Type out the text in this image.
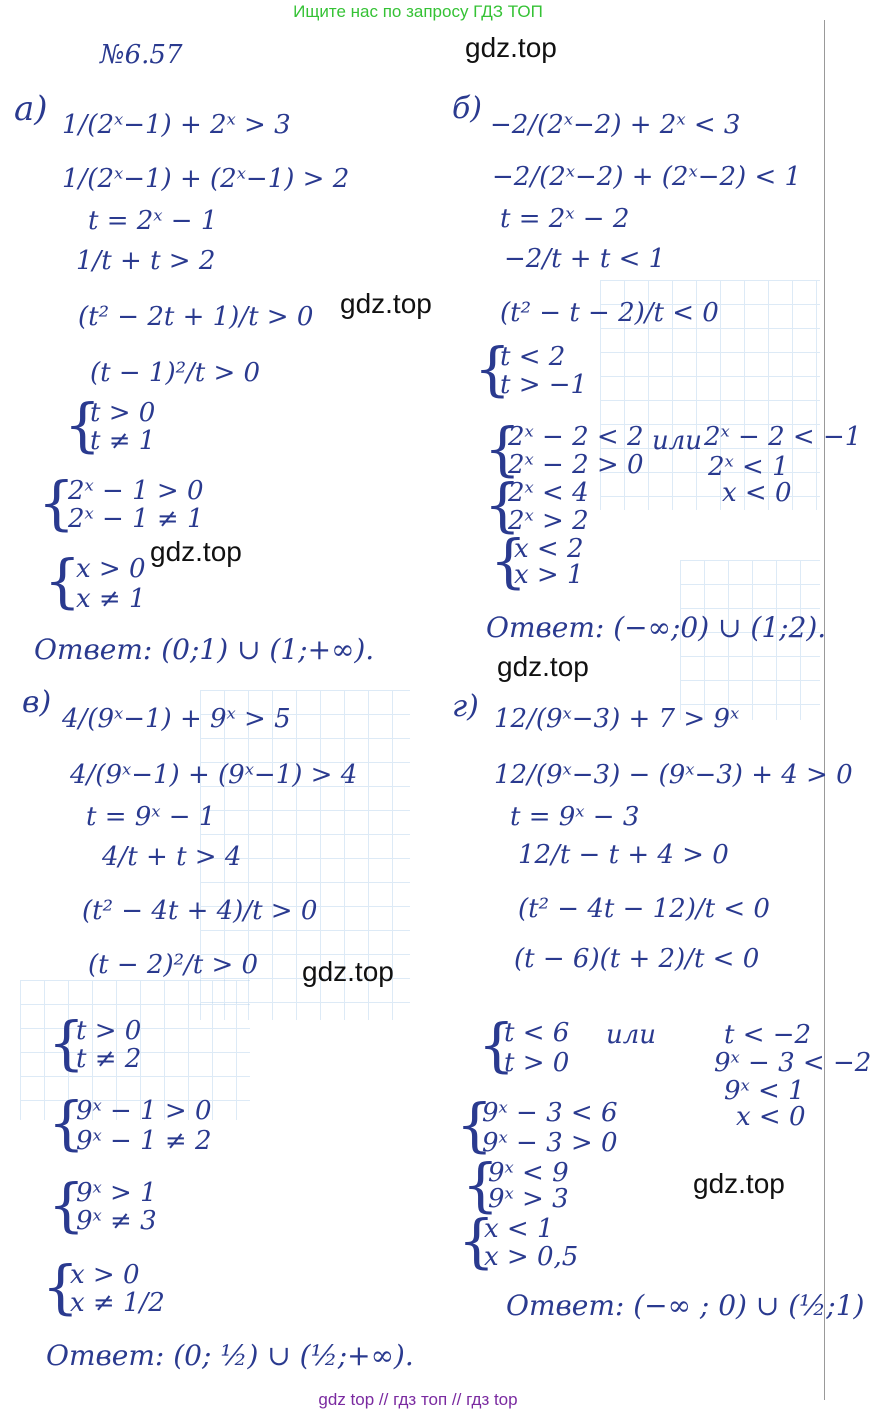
Ищите нас по запросу ГДЗ ТОП
gdz.top
gdz.top
gdz.top
gdz.top
gdz.top
gdz.top
№6.57
а) 1/(2ˣ−1) + 2ˣ > 3
1/(2ˣ−1) + (2ˣ−1) > 2
t = 2ˣ − 1
1/t + t > 2
(t² − 2t + 1)/t > 0
(t − 1)²/t > 0
{
t > 0
t ≠ 1
{
2ˣ − 1 > 0
2ˣ − 1 ≠ 1
{
x > 0
x ≠ 1
Ответ: (0;1) ∪ (1;+∞).
б) −2/(2ˣ−2) + 2ˣ < 3
−2/(2ˣ−2) + (2ˣ−2) < 1
t = 2ˣ − 2
−2/t + t < 1
(t² − t − 2)/t < 0
{
t < 2
t > −1
{
2ˣ − 2 < 2
2ˣ − 2 > 0
или 2ˣ − 2 < −1
2ˣ < 1
x < 0
{
2ˣ < 4
2ˣ > 2
{
x < 2
x > 1
Ответ: (−∞;0) ∪ (1;2).
в) 4/(9ˣ−1) + 9ˣ > 5
4/(9ˣ−1) + (9ˣ−1) > 4
t = 9ˣ − 1
4/t + t > 4
(t² − 4t + 4)/t > 0
(t − 2)²/t > 0
{
t > 0
t ≠ 2
{
9ˣ − 1 > 0
9ˣ − 1 ≠ 2
{
9ˣ > 1
9ˣ ≠ 3
{
x > 0
x ≠ 1/2
Ответ: (0; ½) ∪ (½;+∞).
г) 12/(9ˣ−3) + 7 > 9ˣ
12/(9ˣ−3) − (9ˣ−3) + 4 > 0
t = 9ˣ − 3
12/t − t + 4 > 0
(t² − 4t − 12)/t < 0
(t − 6)(t + 2)/t < 0
{
t < 6
t > 0
или	t < −2
9ˣ − 3 < −2
9ˣ < 1
x < 0
{
9ˣ − 3 < 6
9ˣ − 3 > 0
{
9ˣ < 9
9ˣ > 3
{
x < 1
x > 0,5
Ответ: (−∞ ; 0) ∪ (½;1)
gdz top // гдз топ // гдз top
